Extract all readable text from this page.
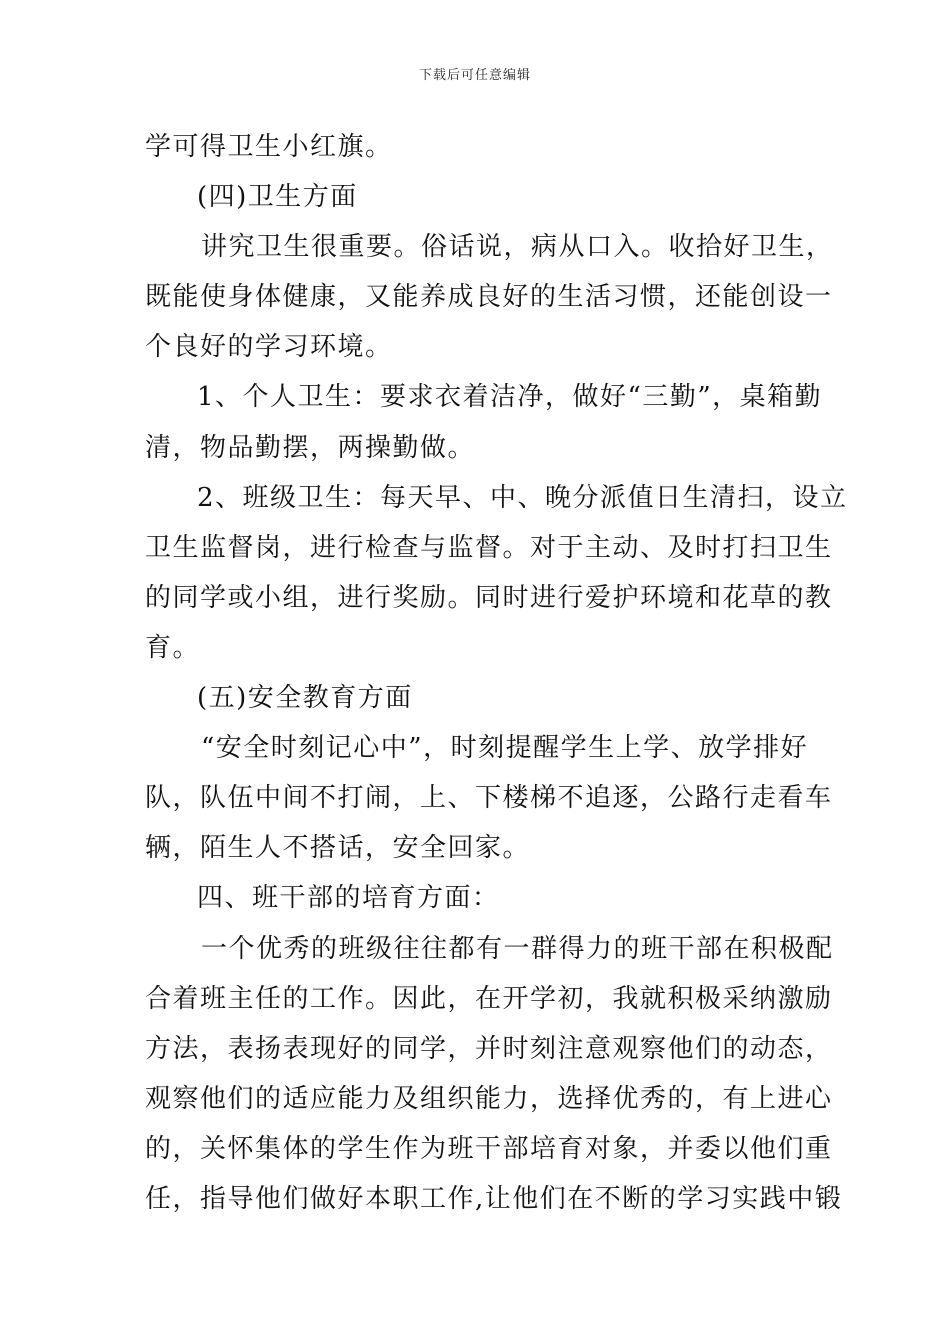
下载后可任意编辑
学可得卫生小红旗。
(四)卫生方面
讲究卫生很重要。俗话说，病从口入。收拾好卫生，
既能使身体健康，又能养成良好的生活习惯，还能创设一
个良好的学习环境。
1、个人卫生：要求衣着洁净，做好“三勤”，桌箱勤
清，物品勤摆，两操勤做。
2、班级卫生：每天早、中、晚分派值日生清扫，设立
卫生监督岗，进行检查与监督。对于主动、及时打扫卫生
的同学或小组，进行奖励。同时进行爱护环境和花草的教
育。
(五)安全教育方面
“安全时刻记心中”，时刻提醒学生上学、放学排好
队，队伍中间不打闹，上、下楼梯不追逐，公路行走看车
辆，陌生人不搭话，安全回家。
四、班干部的培育方面：
一个优秀的班级往往都有一群得力的班干部在积极配
合着班主任的工作。因此，在开学初，我就积极采纳激励
方法，表扬表现好的同学，并时刻注意观察他们的动态，
观察他们的适应能力及组织能力，选择优秀的，有上进心
的，关怀集体的学生作为班干部培育对象，并委以他们重
任，指导他们做好本职工作,让他们在不断的学习实践中锻
